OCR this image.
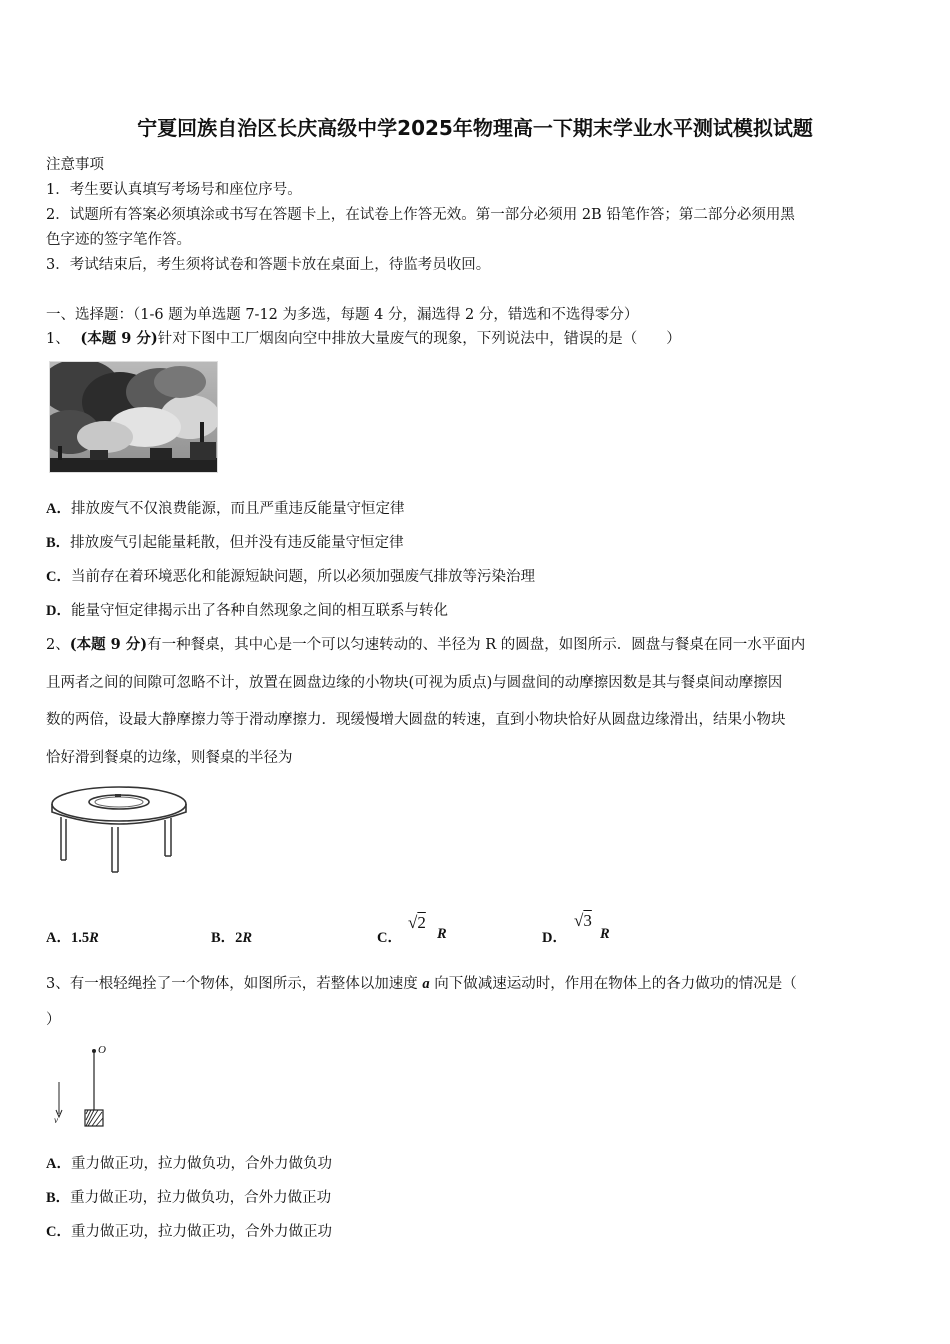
宁夏回族自治区长庆高级中学2025年物理高一下期末学业水平测试模拟试题
注意事项
1．考生要认真填写考场号和座位序号。
2．试题所有答案必须填涂或书写在答题卡上，在试卷上作答无效。第一部分必须用 2B 铅笔作答；第二部分必须用黑
色字迹的签字笔作答。
3．考试结束后，考生须将试卷和答题卡放在桌面上，待监考员收回。
一、选择题：（1-6 题为单选题 7-12 为多选，每题 4 分，漏选得 2 分，错选和不选得零分）
1、 (本题 9 分)针对下图中工厂烟囱向空中排放大量废气的现象，下列说法中，错误的是（　　）
A．排放废气不仅浪费能源，而且严重违反能量守恒定律
B．排放废气引起能量耗散，但并没有违反能量守恒定律
C．当前存在着环境恶化和能源短缺问题，所以必须加强废气排放等污染治理
D．能量守恒定律揭示出了各种自然现象之间的相互联系与转化
2、(本题 9 分)有一种餐桌，其中心是一个可以匀速转动的、半径为 R 的圆盘，如图所示．圆盘与餐桌在同一水平面内
且两者之间的间隙可忽略不计，放置在圆盘边缘的小物块(可视为质点)与圆盘间的动摩擦因数是其与餐桌间动摩擦因
数的两倍，设最大静摩擦力等于滑动摩擦力．现缓慢增大圆盘的转速，直到小物块恰好从圆盘边缘滑出，结果小物块
恰好滑到餐桌的边缘，则餐桌的半径为
A．1.5R	B．2R	C．
√2
R	D．
√3
R
3、有一根轻绳拴了一个物体，如图所示，若整体以加速度 a 向下做减速运动时，作用在物体上的各力做功的情况是（
）
O
v
A．重力做正功，拉力做负功，合外力做负功
B．重力做正功，拉力做负功，合外力做正功
C．重力做正功，拉力做正功，合外力做正功
